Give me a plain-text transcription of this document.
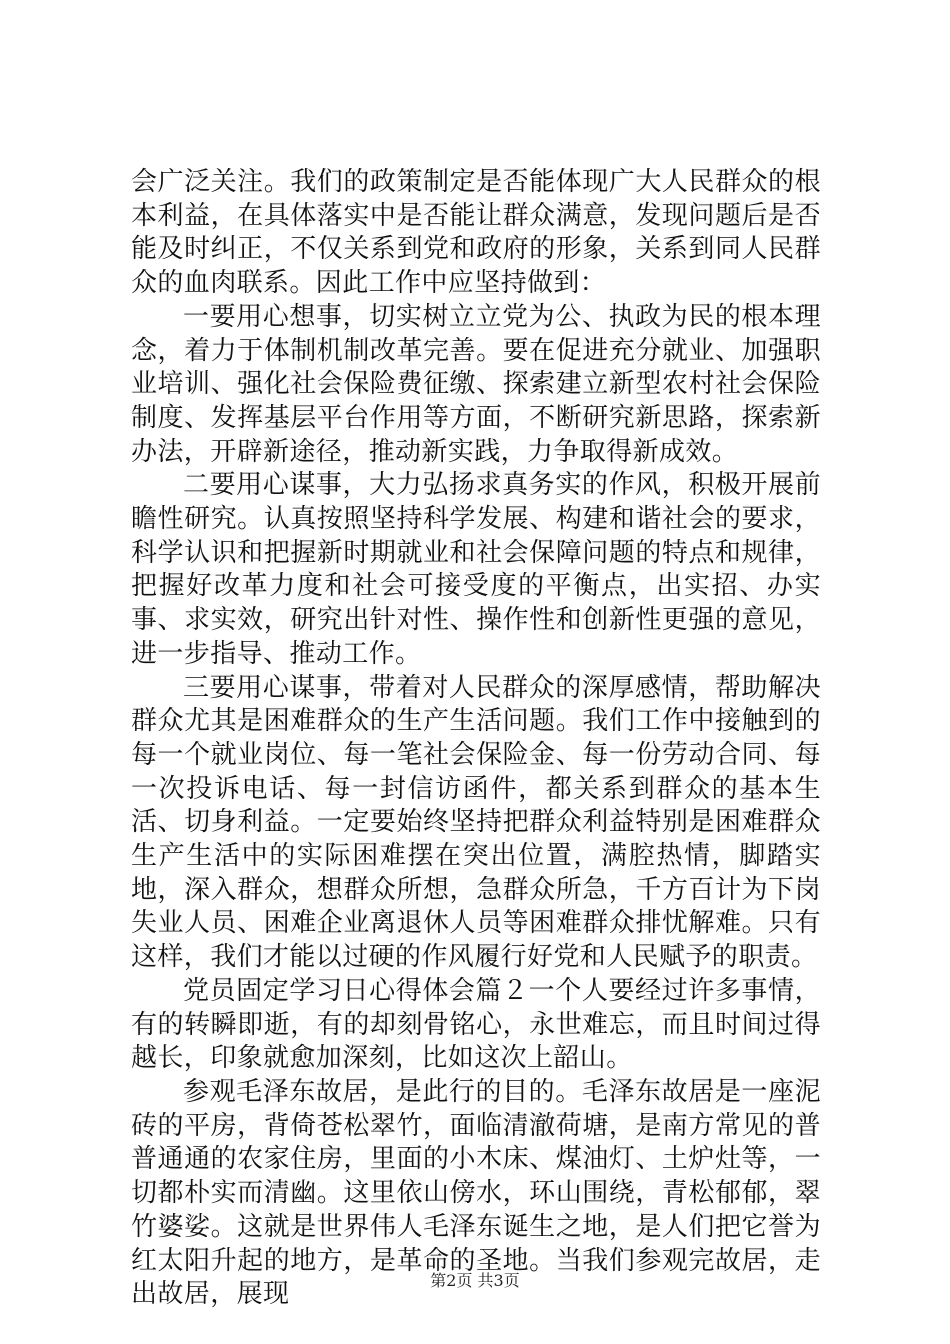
会广泛关注。我们的政策制定是否能体现广大人民群众的根本利益，在具体落实中是否能让群众满意，发现问题后是否能及时纠正，不仅关系到党和政府的形象，关系到同人民群众的血肉联系。因此工作中应坚持做到：

一要用心想事，切实树立立党为公、执政为民的根本理念，着力于体制机制改革完善。要在促进充分就业、加强职业培训、强化社会保险费征缴、探索建立新型农村社会保险制度、发挥基层平台作用等方面，不断研究新思路，探索新办法，开辟新途径，推动新实践，力争取得新成效。

二要用心谋事，大力弘扬求真务实的作风，积极开展前瞻性研究。认真按照坚持科学发展、构建和谐社会的要求，科学认识和把握新时期就业和社会保障问题的特点和规律，把握好改革力度和社会可接受度的平衡点，出实招、办实事、求实效，研究出针对性、操作性和创新性更强的意见，进一步指导、推动工作。

三要用心谋事，带着对人民群众的深厚感情，帮助解决群众尤其是困难群众的生产生活问题。我们工作中接触到的每一个就业岗位、每一笔社会保险金、每一份劳动合同、每一次投诉电话、每一封信访函件，都关系到群众的基本生活、切身利益。一定要始终坚持把群众利益特别是困难群众生产生活中的实际困难摆在突出位置，满腔热情，脚踏实地，深入群众，想群众所想，急群众所急，千方百计为下岗失业人员、困难企业离退休人员等困难群众排忧解难。只有这样，我们才能以过硬的作风履行好党和人民赋予的职责。

党员固定学习日心得体会篇２一个人要经过许多事情，有的转瞬即逝，有的却刻骨铭心，永世难忘，而且时间过得越长，印象就愈加深刻，比如这次上韶山。

参观毛泽东故居，是此行的目的。毛泽东故居是一座泥砖的平房，背倚苍松翠竹，面临清澈荷塘，是南方常见的普普通通的农家住房，里面的小木床、煤油灯、土炉灶等，一切都朴实而清幽。这里依山傍水，环山围绕，青松郁郁，翠竹婆娑。这就是世界伟人毛泽东诞生之地，是人们把它誉为红太阳升起的地方，是革命的圣地。当我们参观完故居，走出故居，展现	第2页 共3页
